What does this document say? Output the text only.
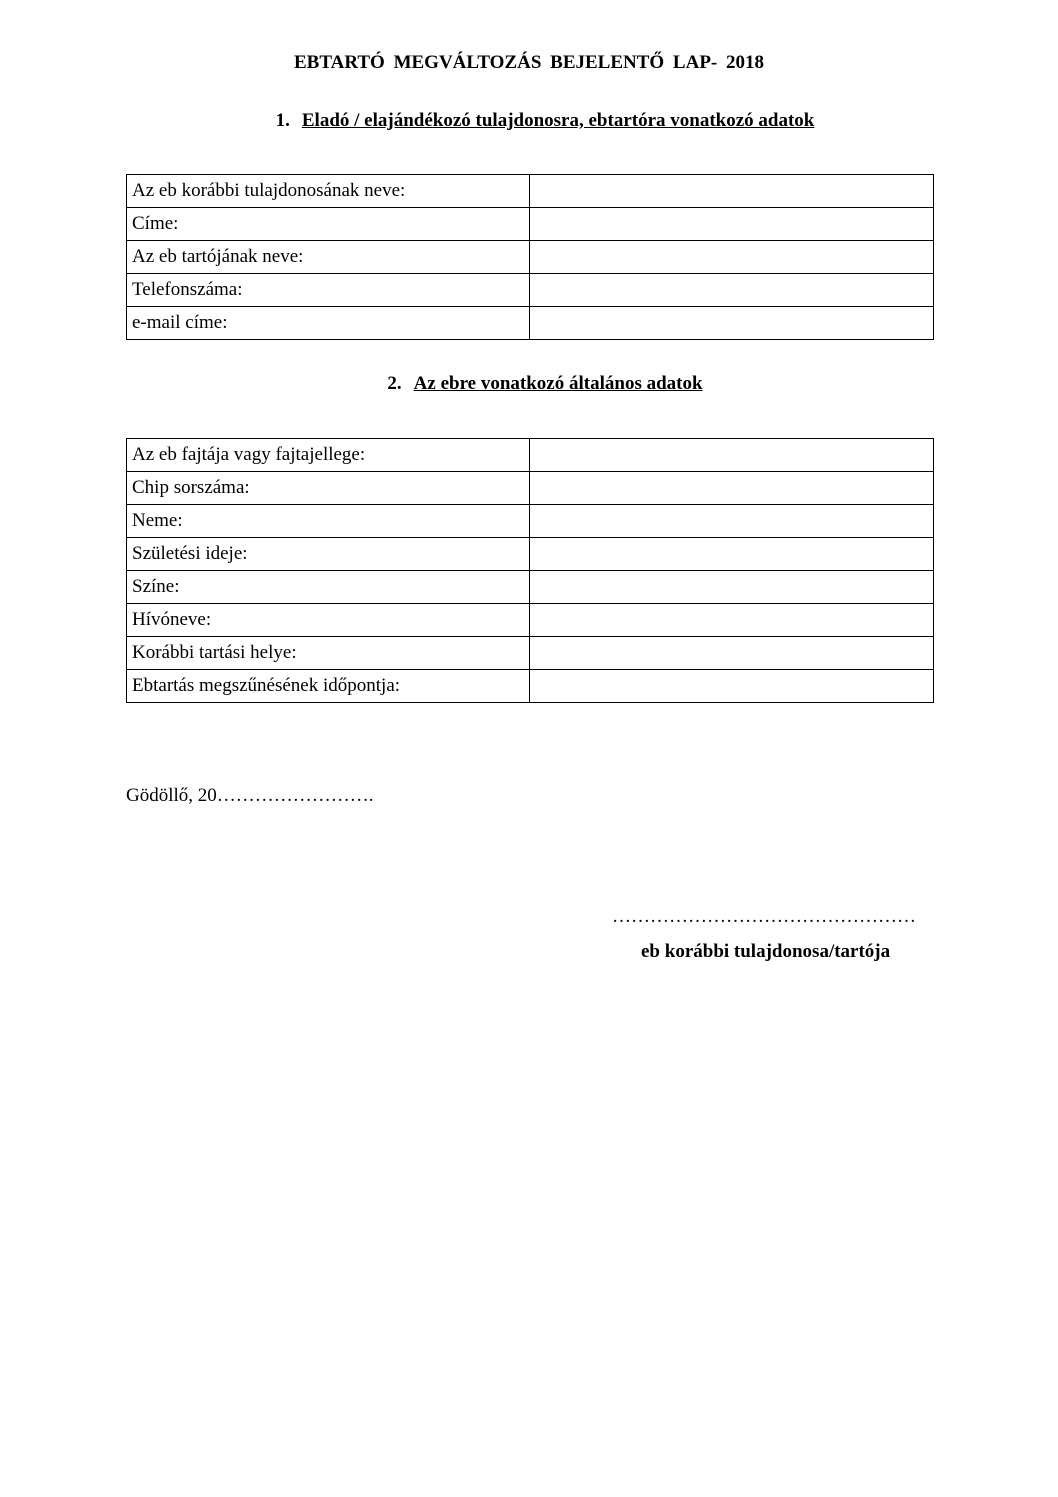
EBTARTÓ MEGVÁLTOZÁS BEJELENTŐ LAP- 2018
1. Eladó / elajándékozó tulajdonosra, ebtartóra vonatkozó adatok
Az eb korábbi tulajdonosának neve:	
Címe:	
Az eb tartójának neve:	
Telefonszáma:	
e-mail címe:	
2. Az ebre vonatkozó általános adatok
Az eb fajtája vagy fajtajellege:	
Chip sorszáma:	
Neme:	
Születési ideje:	
Színe:	
Hívóneve:	
Korábbi tartási helye:	
Ebtartás megszűnésének időpontja:	
Gödöllő, 20…………………….
…………………………………………
eb korábbi tulajdonosa/tartója
